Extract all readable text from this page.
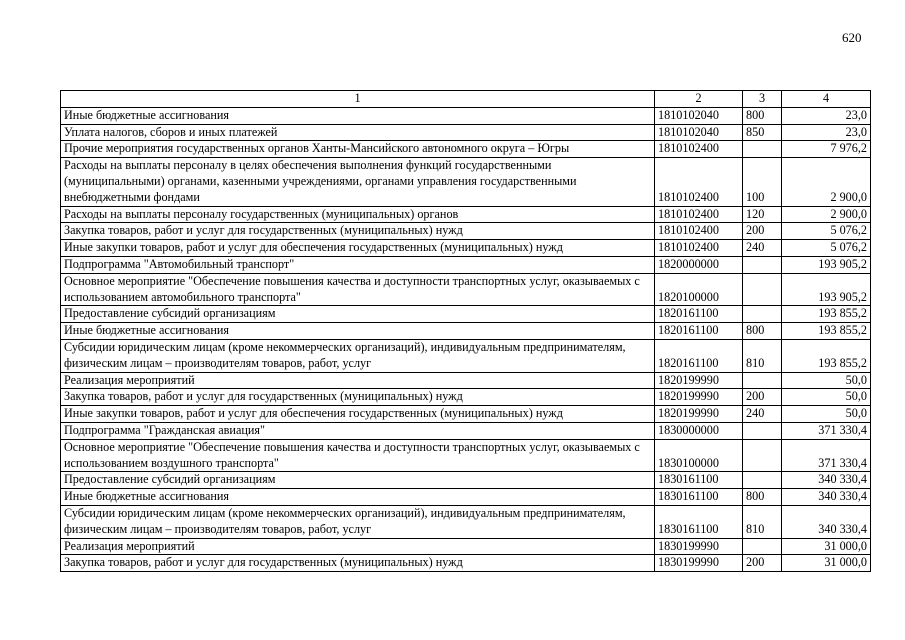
620
1	2	3	4
Иные бюджетные ассигнования	1810102040	800	23,0
Уплата налогов, сборов и иных платежей	1810102040	850	23,0
Прочие мероприятия государственных органов Ханты-Мансийского автономного округа – Югры	1810102400		7 976,2
Расходы на выплаты персоналу в целях обеспечения выполнения функций государственными (муниципальными) органами, казенными учреждениями, органами управления государственными внебюджетными фондами	1810102400	100	2 900,0
Расходы на выплаты персоналу государственных (муниципальных) органов	1810102400	120	2 900,0
Закупка товаров, работ и услуг для государственных (муниципальных) нужд	1810102400	200	5 076,2
Иные закупки товаров, работ и услуг для обеспечения государственных (муниципальных) нужд	1810102400	240	5 076,2
Подпрограмма "Автомобильный транспорт"	1820000000		193 905,2
Основное мероприятие "Обеспечение повышения качества и доступности транспортных услуг, оказываемых с использованием автомобильного транспорта"	1820100000		193 905,2
Предоставление субсидий организациям	1820161100		193 855,2
Иные бюджетные ассигнования	1820161100	800	193 855,2
Субсидии юридическим лицам (кроме некоммерческих организаций), индивидуальным предпринимателям, физическим лицам – производителям товаров, работ, услуг	1820161100	810	193 855,2
Реализация мероприятий	1820199990		50,0
Закупка товаров, работ и услуг для государственных (муниципальных) нужд	1820199990	200	50,0
Иные закупки товаров, работ и услуг для обеспечения государственных (муниципальных) нужд	1820199990	240	50,0
Подпрограмма "Гражданская авиация"	1830000000		371 330,4
Основное мероприятие "Обеспечение повышения качества и доступности транспортных услуг, оказываемых с использованием воздушного транспорта"	1830100000		371 330,4
Предоставление субсидий организациям	1830161100		340 330,4
Иные бюджетные ассигнования	1830161100	800	340 330,4
Субсидии юридическим лицам (кроме некоммерческих организаций), индивидуальным предпринимателям, физическим лицам – производителям товаров, работ, услуг	1830161100	810	340 330,4
Реализация мероприятий	1830199990		31 000,0
Закупка товаров, работ и услуг для государственных (муниципальных) нужд	1830199990	200	31 000,0
